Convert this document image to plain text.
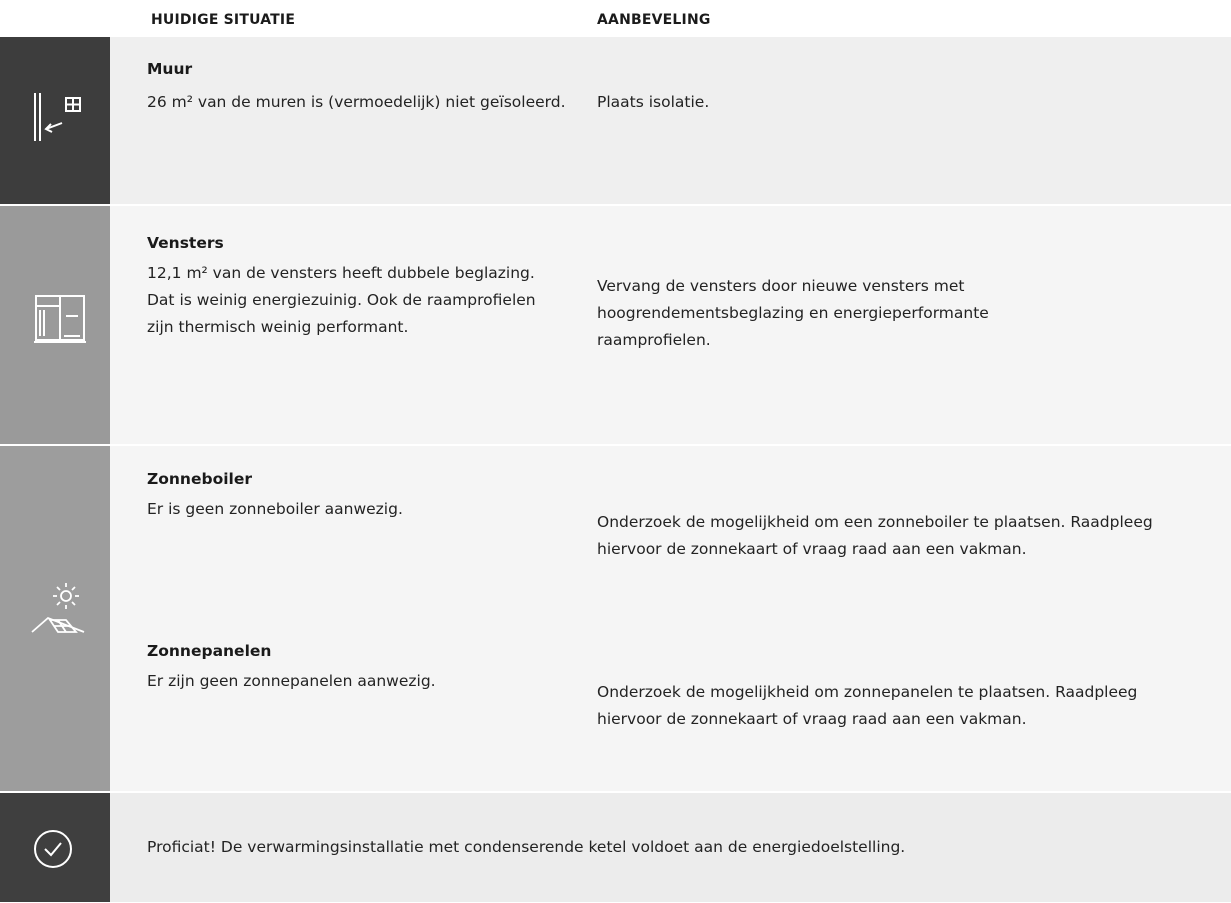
HUIDIGE SITUATIE	AANBEVELING
Muur
26 m² van de muren is (vermoedelijk) niet geïsoleerd. Plaats isolatie.
Vensters
12,1 m² van de vensters heeft dubbele beglazing. Dat is weinig energiezuinig. Ook de raamprofielen zijn thermisch weinig performant.
Vervang de vensters door nieuwe vensters met hoogrendementsbeglazing en energieperformante raamprofielen.
Zonneboiler
Er is geen zonneboiler aanwezig.
Onderzoek de mogelijkheid om een zonneboiler te plaatsen. Raadpleeg hiervoor de zonnekaart of vraag raad aan een vakman.
Zonnepanelen
Er zijn geen zonnepanelen aanwezig.
Onderzoek de mogelijkheid om zonnepanelen te plaatsen. Raadpleeg hiervoor de zonnekaart of vraag raad aan een vakman.
Proficiat! De verwarmingsinstallatie met condenserende ketel voldoet aan de energiedoelstelling.
